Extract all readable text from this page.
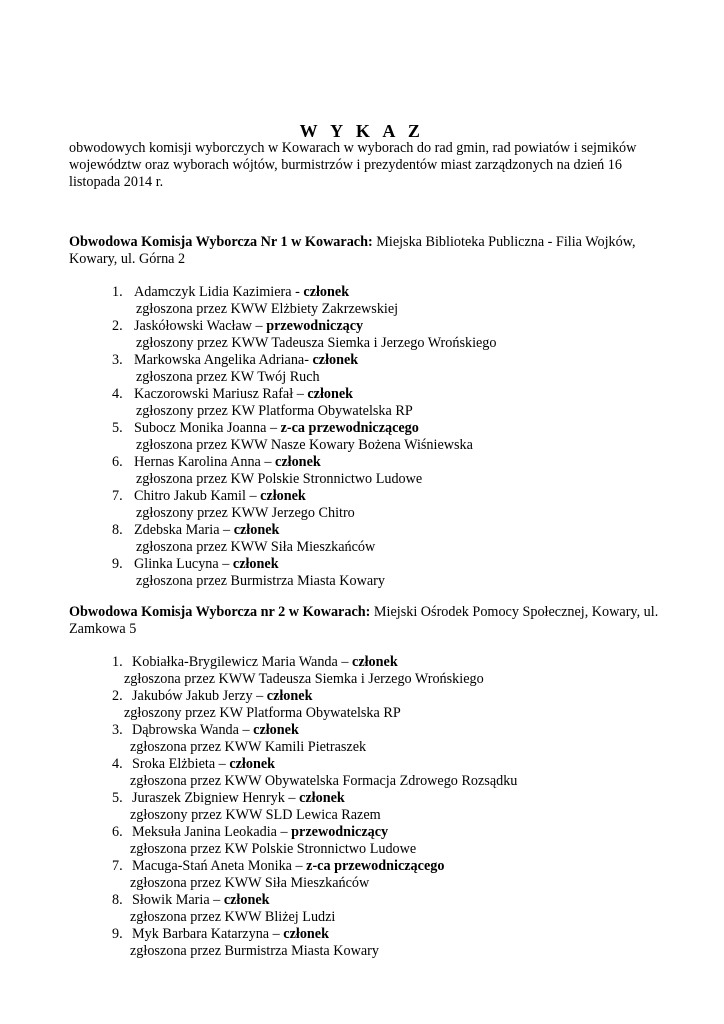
W Y K A Z
obwodowych komisji wyborczych w Kowarach w wyborach do rad gmin, rad powiatów i sejmików województw oraz wyborach wójtów, burmistrzów i prezydentów miast zarządzonych na dzień 16 listopada 2014 r.
Obwodowa Komisja Wyborcza Nr 1 w Kowarach: Miejska Biblioteka Publiczna - Filia Wojków, Kowary, ul. Górna 2
1. Adamczyk Lidia Kazimiera - członek
zgłoszona przez KWW Elżbiety Zakrzewskiej
2. Jaskółowski Wacław – przewodniczący
zgłoszony przez KWW Tadeusza Siemka i Jerzego Wrońskiego
3. Markowska Angelika Adriana- członek
zgłoszona przez KW Twój Ruch
4. Kaczorowski Mariusz Rafał – członek
zgłoszony przez KW Platforma Obywatelska RP
5. Subocz Monika Joanna – z-ca przewodniczącego
zgłoszona przez KWW Nasze Kowary Bożena Wiśniewska
6. Hernas Karolina Anna – członek
zgłoszona przez KW Polskie Stronnictwo Ludowe
7. Chitro Jakub Kamil – członek
zgłoszony przez KWW Jerzego Chitro
8. Zdebska Maria – członek
zgłoszona przez KWW Siła Mieszkańców
9. Glinka Lucyna – członek
zgłoszona przez Burmistrza Miasta Kowary
Obwodowa Komisja Wyborcza nr 2 w Kowarach: Miejski Ośrodek Pomocy Społecznej, Kowary, ul. Zamkowa 5
1. Kobiałka-Brygilewicz Maria Wanda – członek
zgłoszona przez KWW Tadeusza Siemka i Jerzego Wrońskiego
2. Jakubów Jakub Jerzy – członek
zgłoszony przez KW Platforma Obywatelska RP
3. Dąbrowska Wanda – członek
zgłoszona przez KWW Kamili Pietraszek
4. Sroka Elżbieta – członek
zgłoszona przez KWW Obywatelska Formacja Zdrowego Rozsądku
5. Juraszek Zbigniew Henryk – członek
zgłoszony przez KWW SLD Lewica Razem
6. Meksuła Janina Leokadia – przewodniczący
zgłoszona przez KW Polskie Stronnictwo Ludowe
7. Macuga-Stań Aneta Monika – z-ca przewodniczącego
zgłoszona przez KWW Siła Mieszkańców
8. Słowik Maria – członek
zgłoszona przez KWW Bliżej Ludzi
9. Myk Barbara Katarzyna – członek
zgłoszona przez Burmistrza Miasta Kowary
